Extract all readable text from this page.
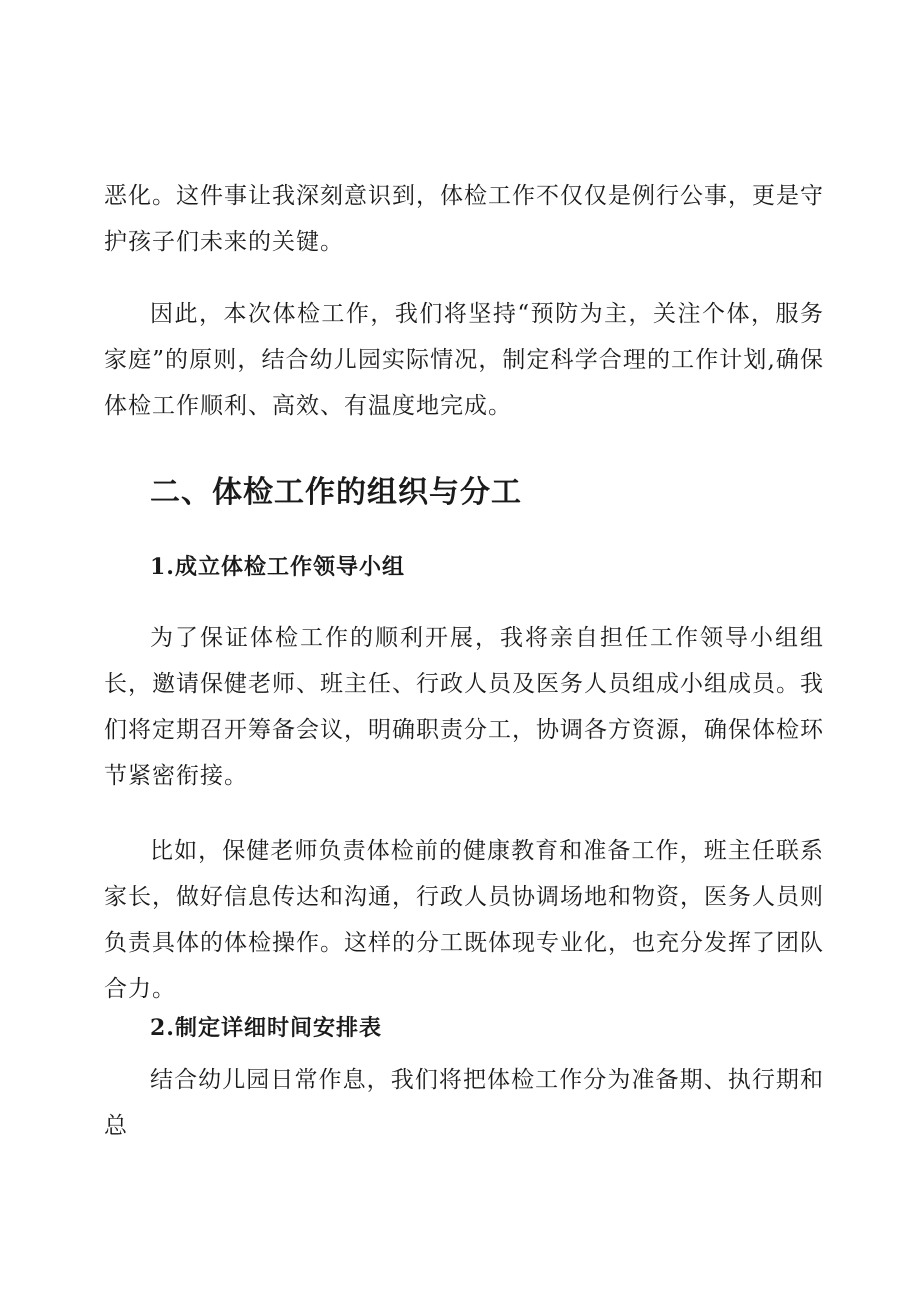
恶化。这件事让我深刻意识到，体检工作不仅仅是例行公事，更是守护孩子们未来的关键。

因此，本次体检工作，我们将坚持“预防为主，关注个体，服务家庭”的原则，结合幼儿园实际情况，制定科学合理的工作计划,确保体检工作顺利、高效、有温度地完成。

二、体检工作的组织与分工
1.成立体检工作领导小组

为了保证体检工作的顺利开展，我将亲自担任工作领导小组组长，邀请保健老师、班主任、行政人员及医务人员组成小组成员。我们将定期召开筹备会议，明确职责分工，协调各方资源，确保体检环节紧密衔接。

比如，保健老师负责体检前的健康教育和准备工作，班主任联系家长，做好信息传达和沟通，行政人员协调场地和物资，医务人员则负责具体的体检操作。这样的分工既体现专业化，也充分发挥了团队合力。

2.制定详细时间安排表

结合幼儿园日常作息，我们将把体检工作分为准备期、执行期和总
